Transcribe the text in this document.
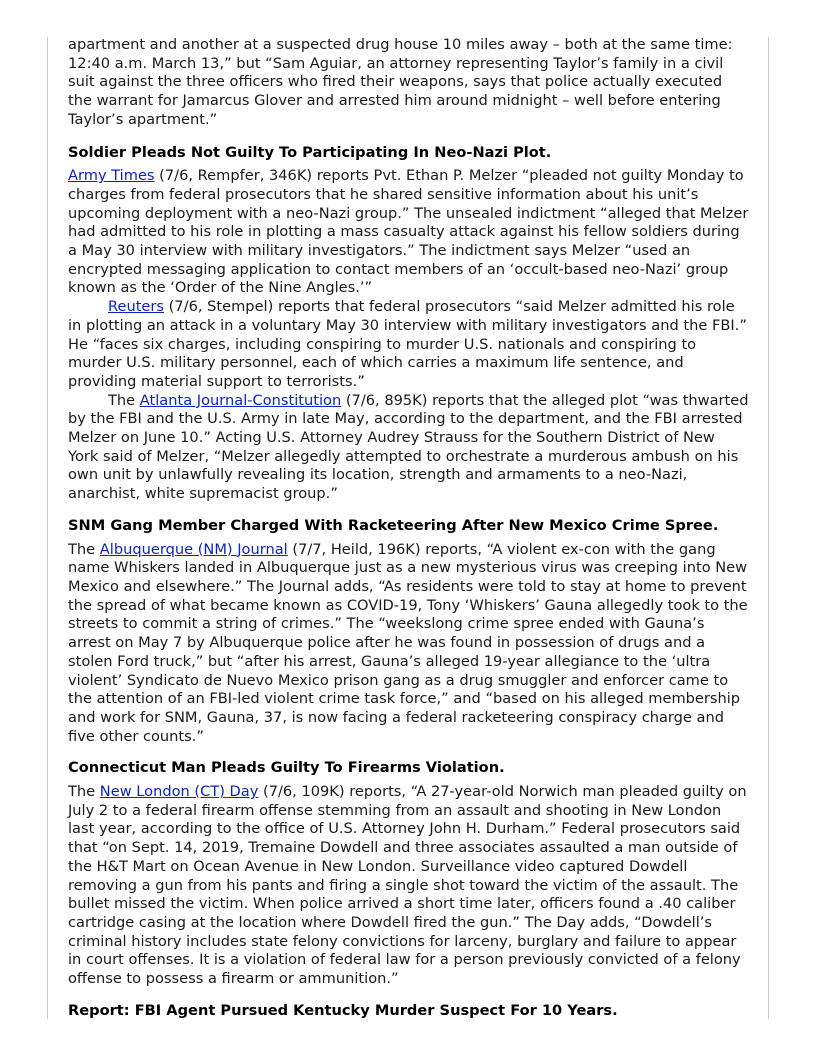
apartment and another at a suspected drug house 10 miles away – both at the same time: 12:40 a.m. March 13,” but “Sam Aguiar, an attorney representing Taylor’s family in a civil suit against the three officers who fired their weapons, says that police actually executed the warrant for Jamarcus Glover and arrested him around midnight – well before entering Taylor’s apartment.”

Soldier Pleads Not Guilty To Participating In Neo-Nazi Plot.

Army Times (7/6, Rempfer, 346K) reports Pvt. Ethan P. Melzer “pleaded not guilty Monday to charges from federal prosecutors that he shared sensitive information about his unit’s upcoming deployment with a neo-Nazi group.” The unsealed indictment “alleged that Melzer had admitted to his role in plotting a mass casualty attack against his fellow soldiers during a May 30 interview with military investigators.” The indictment says Melzer “used an encrypted messaging application to contact members of an ‘occult-based neo-Nazi’ group known as the ‘Order of the Nine Angles.’”

Reuters (7/6, Stempel) reports that federal prosecutors “said Melzer admitted his role in plotting an attack in a voluntary May 30 interview with military investigators and the FBI.” He “faces six charges, including conspiring to murder U.S. nationals and conspiring to murder U.S. military personnel, each of which carries a maximum life sentence, and providing material support to terrorists.”

The Atlanta Journal-Constitution (7/6, 895K) reports that the alleged plot “was thwarted by the FBI and the U.S. Army in late May, according to the department, and the FBI arrested Melzer on June 10.” Acting U.S. Attorney Audrey Strauss for the Southern District of New York said of Melzer, “Melzer allegedly attempted to orchestrate a murderous ambush on his own unit by unlawfully revealing its location, strength and armaments to a neo-Nazi, anarchist, white supremacist group.”

SNM Gang Member Charged With Racketeering After New Mexico Crime Spree.

The Albuquerque (NM) Journal (7/7, Heild, 196K) reports, “A violent ex-con with the gang name Whiskers landed in Albuquerque just as a new mysterious virus was creeping into New Mexico and elsewhere.” The Journal adds, “As residents were told to stay at home to prevent the spread of what became known as COVID-19, Tony ‘Whiskers’ Gauna allegedly took to the streets to commit a string of crimes.” The “weekslong crime spree ended with Gauna’s arrest on May 7 by Albuquerque police after he was found in possession of drugs and a stolen Ford truck,” but “after his arrest, Gauna’s alleged 19-year allegiance to the ‘ultra violent’ Syndicato de Nuevo Mexico prison gang as a drug smuggler and enforcer came to the attention of an FBI-led violent crime task force,” and “based on his alleged membership and work for SNM, Gauna, 37, is now facing a federal racketeering conspiracy charge and five other counts.”

Connecticut Man Pleads Guilty To Firearms Violation.

The New London (CT) Day (7/6, 109K) reports, “A 27-year-old Norwich man pleaded guilty on July 2 to a federal firearm offense stemming from an assault and shooting in New London last year, according to the office of U.S. Attorney John H. Durham.” Federal prosecutors said that “on Sept. 14, 2019, Tremaine Dowdell and three associates assaulted a man outside of the H&T Mart on Ocean Avenue in New London. Surveillance video captured Dowdell removing a gun from his pants and firing a single shot toward the victim of the assault. The bullet missed the victim. When police arrived a short time later, officers found a .40 caliber cartridge casing at the location where Dowdell fired the gun.” The Day adds, “Dowdell’s criminal history includes state felony convictions for larceny, burglary and failure to appear in court offenses. It is a violation of federal law for a person previously convicted of a felony offense to possess a firearm or ammunition.”

Report: FBI Agent Pursued Kentucky Murder Suspect For 10 Years.
